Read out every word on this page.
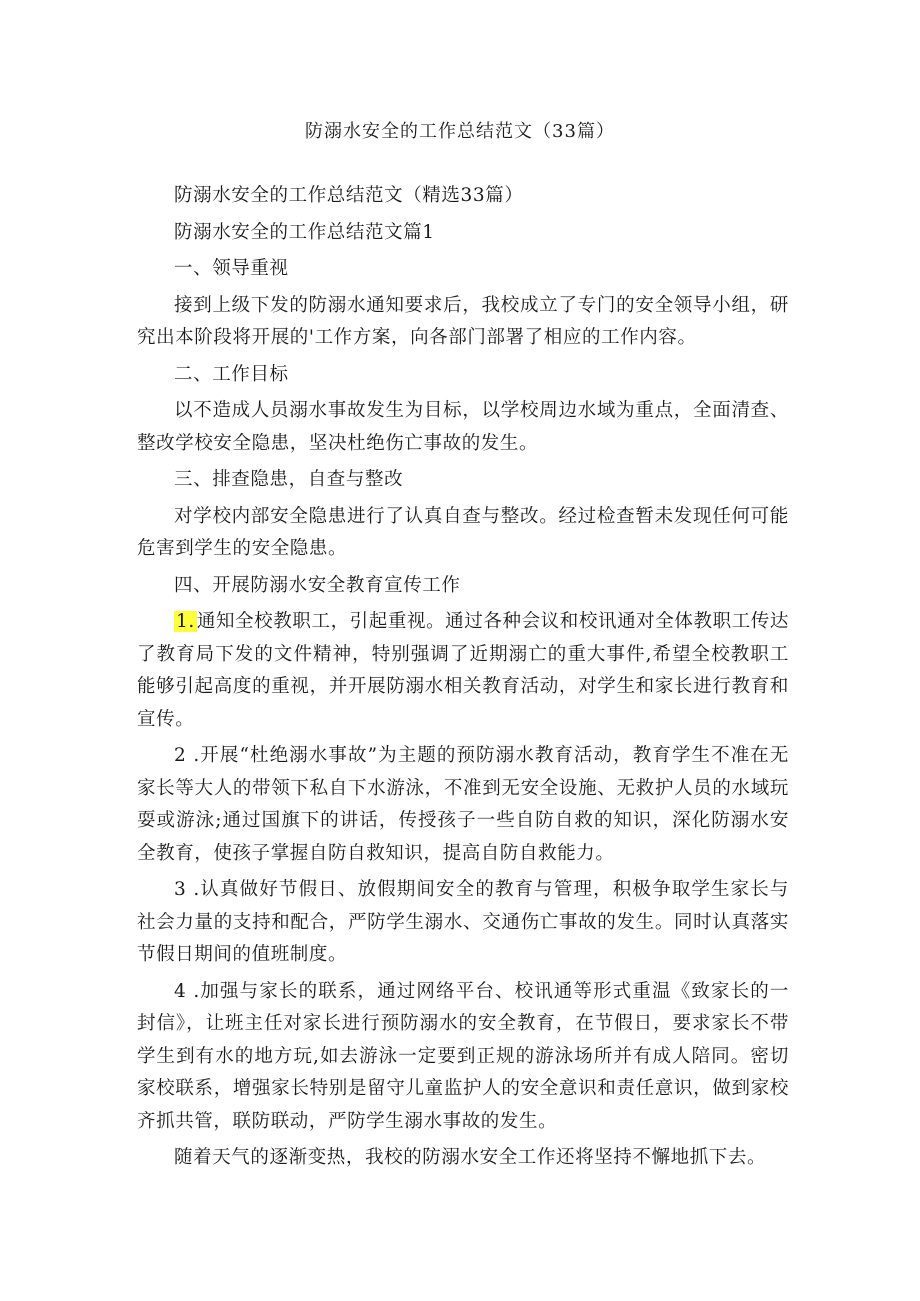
防溺水安全的工作总结范文（33篇）

防溺水安全的工作总结范文（精选33篇）

防溺水安全的工作总结范文篇1

一、领导重视

接到上级下发的防溺水通知要求后，我校成立了专门的安全领导小组，研究出本阶段将开展的'工作方案，向各部门部署了相应的工作内容。

二、工作目标

以不造成人员溺水事故发生为目标，以学校周边水域为重点，全面清查、整改学校安全隐患，坚决杜绝伤亡事故的发生。

三、排查隐患，自查与整改

对学校内部安全隐患进行了认真自查与整改。经过检查暂未发现任何可能危害到学生的安全隐患。

四、开展防溺水安全教育宣传工作

1. 通知全校教职工，引起重视。通过各种会议和校讯通对全体教职工传达了教育局下发的文件精神，特别强调了近期溺亡的重大事件,希望全校教职工能够引起高度的重视，并开展防溺水相关教育活动，对学生和家长进行教育和宣传。

2 .开展“杜绝溺水事故”为主题的预防溺水教育活动，教育学生不准在无家长等大人的带领下私自下水游泳，不准到无安全设施、无救护人员的水域玩耍或游泳;通过国旗下的讲话，传授孩子一些自防自救的知识，深化防溺水安全教育，使孩子掌握自防自救知识，提高自防自救能力。

3 .认真做好节假日、放假期间安全的教育与管理，积极争取学生家长与社会力量的支持和配合，严防学生溺水、交通伤亡事故的发生。同时认真落实节假日期间的值班制度。

4 .加强与家长的联系，通过网络平台、校讯通等形式重温《致家长的一封信》，让班主任对家长进行预防溺水的安全教育，在节假日，要求家长不带学生到有水的地方玩,如去游泳一定要到正规的游泳场所并有成人陪同。密切家校联系，增强家长特别是留守儿童监护人的安全意识和责任意识，做到家校齐抓共管，联防联动，严防学生溺水事故的发生。

随着天气的逐渐变热，我校的防溺水安全工作还将坚持不懈地抓下去。
